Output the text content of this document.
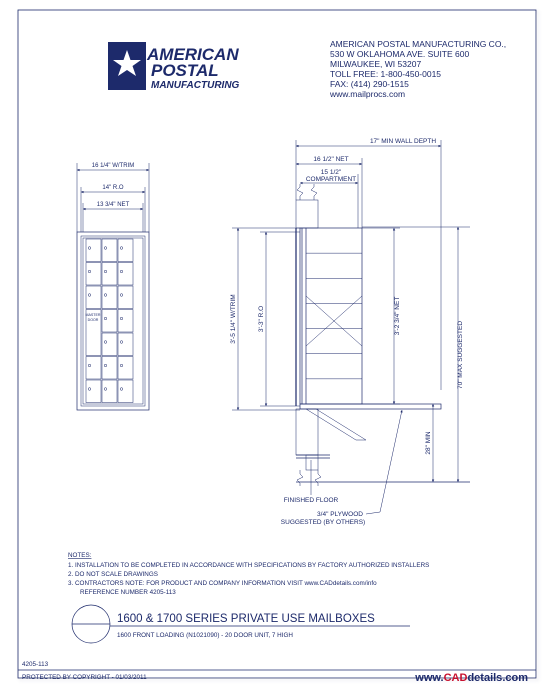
AMERICAN
POSTAL
MANUFACTURING
AMERICAN POSTAL MANUFACTURING CO.,
530 W OKLAHOMA AVE. SUITE 600
MILWAUKEE, WI 53207
TOLL FREE: 1-800-450-0015
FAX: (414) 290-1515
www.mailprocs.com
16 1/4" W/TRIM
14" R.O
13 3/4" NET
MASTER
DOOR
17" MIN WALL DEPTH
16 1/2" NET
15 1/2"
COMPARTMENT
3'-5 1/4" W/TRIM	3'-3" R.O	3'-2 3/4" NET
70" MAX SUGGESTED
28" MIN
FINISHED FLOOR
3/4" PLYWOOD
SUGGESTED (BY OTHERS)
NOTES:
1. INSTALLATION TO BE COMPLETED IN ACCORDANCE WITH SPECIFICATIONS BY FACTORY AUTHORIZED INSTALLERS
2. DO NOT SCALE DRAWINGS
3. CONTRACTORS NOTE: FOR PRODUCT AND COMPANY INFORMATION VISIT www.CADdetails.com/info
REFERENCE NUMBER 4205-113
1600 & 1700 SERIES PRIVATE USE MAILBOXES
1600 FRONT LOADING (N1021090) - 20 DOOR UNIT, 7 HIGH
4205-113
PROTECTED BY COPYRIGHT - 01/03/2011	www.CADdetails.com
